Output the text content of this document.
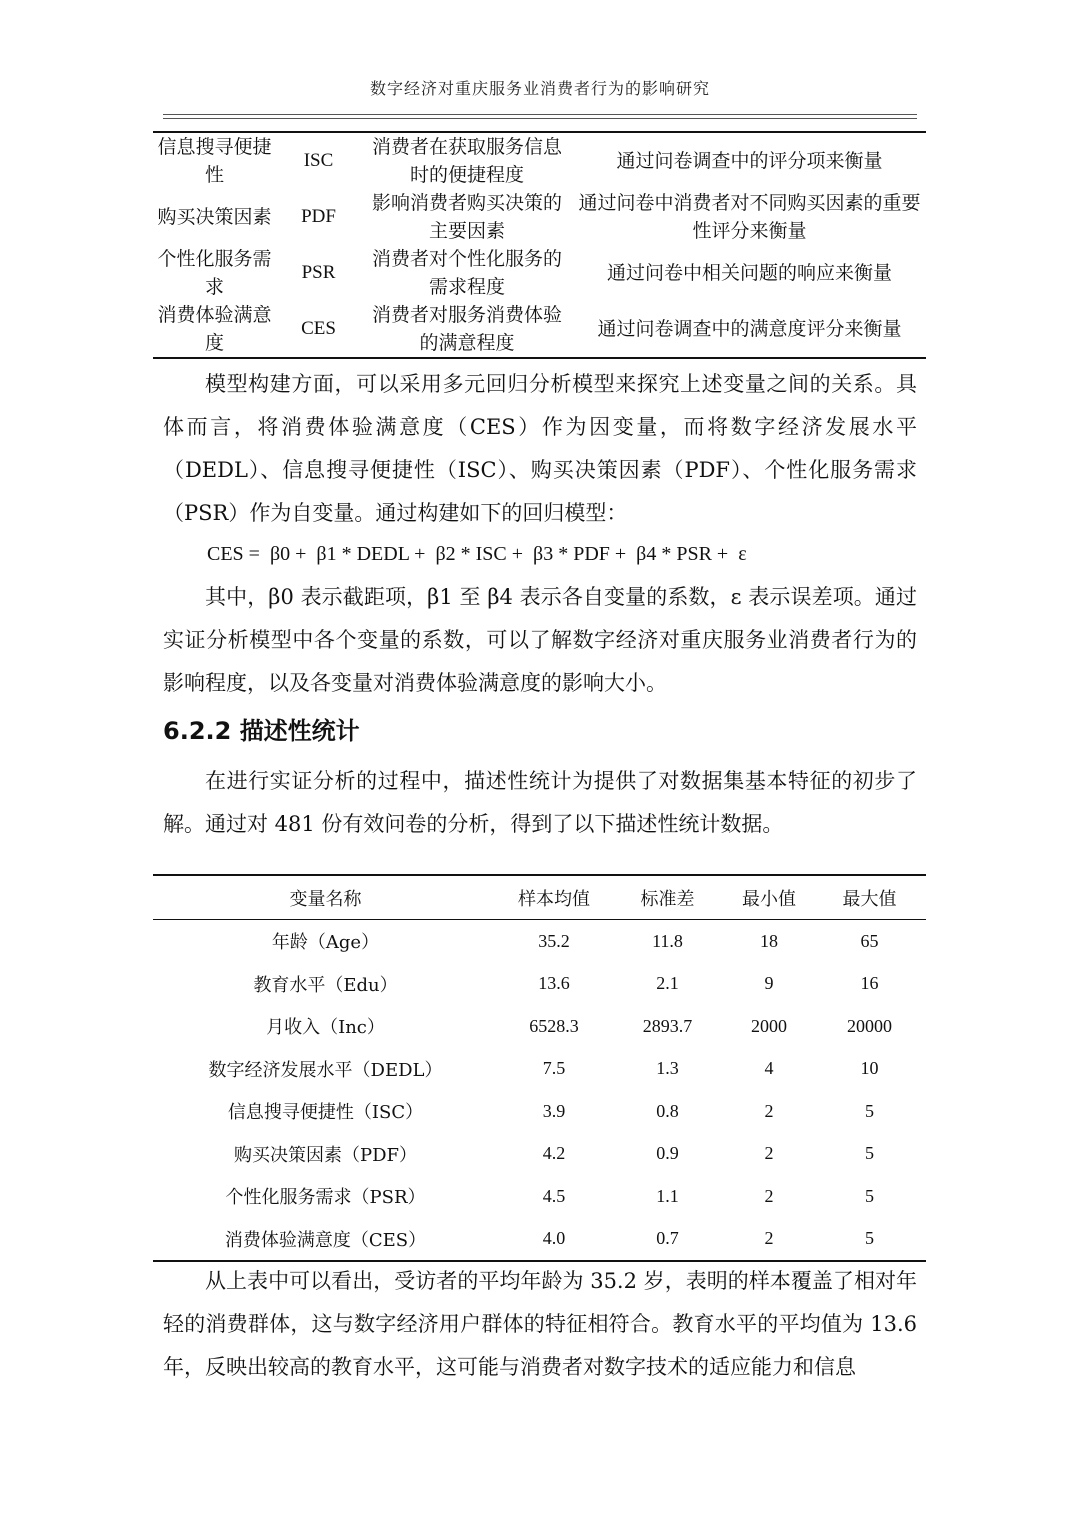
数字经济对重庆服务业消费者行为的影响研究
信息搜寻便捷性	ISC	消费者在获取服务信息时的便捷程度	通过问卷调查中的评分项来衡量
购买决策因素	PDF	影响消费者购买决策的主要因素	通过问卷中消费者对不同购买因素的重要性评分来衡量
个性化服务需求	PSR	消费者对个性化服务的需求程度	通过问卷中相关问题的响应来衡量
消费体验满意度	CES	消费者对服务消费体验的满意程度	通过问卷调查中的满意度评分来衡量

模型构建方面，可以采用多元回归分析模型来探究上述变量之间的关系。具体而言，将消费体验满意度（CES）作为因变量，而将数字经济发展水平（DEDL）、信息搜寻便捷性（ISC）、购买决策因素（PDF）、个性化服务需求（PSR）作为自变量。通过构建如下的回归模型：

CES =  β0 +  β1 * DEDL +  β2 * ISC +  β3 * PDF +  β4 * PSR +  ε

其中，β0 表示截距项，β1 至 β4 表示各自变量的系数，ε 表示误差项。通过实证分析模型中各个变量的系数，可以了解数字经济对重庆服务业消费者行为的影响程度，以及各变量对消费体验满意度的影响大小。

6.2.2 描述性统计

在进行实证分析的过程中，描述性统计为提供了对数据集基本特征的初步了解。通过对 481 份有效问卷的分析，得到了以下描述性统计数据。

变量名称	样本均值	标准差	最小值	最大值
年龄（Age）	35.2	11.8	18	65
教育水平（Edu）	13.6	2.1	9	16
月收入（Inc）	6528.3	2893.7	2000	20000
数字经济发展水平（DEDL）	7.5	1.3	4	10
信息搜寻便捷性（ISC）	3.9	0.8	2	5
购买决策因素（PDF）	4.2	0.9	2	5
个性化服务需求（PSR）	4.5	1.1	2	5
消费体验满意度（CES）	4.0	0.7	2	5

从上表中可以看出，受访者的平均年龄为 35.2 岁，表明的样本覆盖了相对年轻的消费群体，这与数字经济用户群体的特征相符合。教育水平的平均值为 13.6 年，反映出较高的教育水平，这可能与消费者对数字技术的适应能力和信息
